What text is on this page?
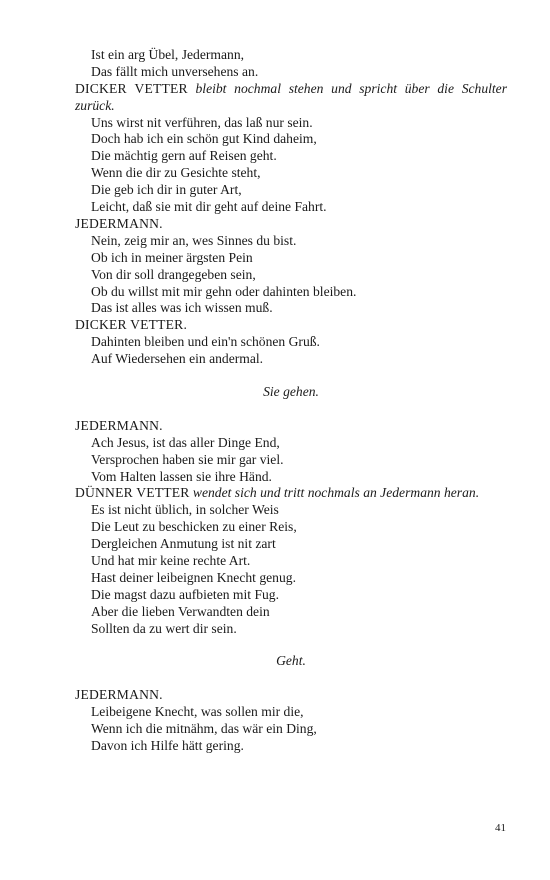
Ist ein arg Übel, Jedermann,
Das fällt mich unversehens an.
DICKER VETTER bleibt nochmal stehen und spricht über die Schulter zurück.
Uns wirst nit verführen, das laß nur sein.
Doch hab ich ein schön gut Kind daheim,
Die mächtig gern auf Reisen geht.
Wenn die dir zu Gesichte steht,
Die geb ich dir in guter Art,
Leicht, daß sie mit dir geht auf deine Fahrt.
JEDERMANN.
Nein, zeig mir an, wes Sinnes du bist.
Ob ich in meiner ärgsten Pein
Von dir soll drangegeben sein,
Ob du willst mit mir gehn oder dahinten bleiben.
Das ist alles was ich wissen muß.
DICKER VETTER.
Dahinten bleiben und ein'n schönen Gruß.
Auf Wiedersehen ein andermal.
Sie gehen.
JEDERMANN.
Ach Jesus, ist das aller Dinge End,
Versprochen haben sie mir gar viel.
Vom Halten lassen sie ihre Händ.
DÜNNER VETTER wendet sich und tritt nochmals an Jedermann heran.
Es ist nicht üblich, in solcher Weis
Die Leut zu beschicken zu einer Reis,
Dergleichen Anmutung ist nit zart
Und hat mir keine rechte Art.
Hast deiner leibeignen Knecht genug.
Die magst dazu aufbieten mit Fug.
Aber die lieben Verwandten dein
Sollten da zu wert dir sein.
Geht.
JEDERMANN.
Leibeigene Knecht, was sollen mir die,
Wenn ich die mitnähm, das wär ein Ding,
Davon ich Hilfe hätt gering.
41
